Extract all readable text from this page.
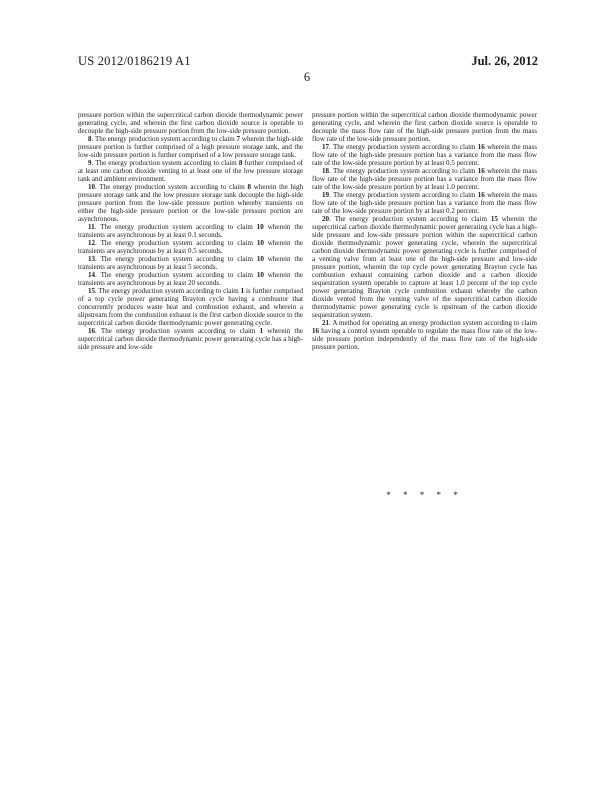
US 2012/0186219 A1	Jul. 26, 2012
6

pressure portion within the supercritical carbon dioxide thermodynamic power generating cycle, and wherein the first carbon dioxide source is operable to decouple the high-side pressure portion from the low-side pressure portion.

8. The energy production system according to claim 7 wherein the high-side pressure portion is further comprised of a high pressure storage tank, and the low-side pressure portion is further comprised of a low pressure storage tank.

9. The energy production system according to claim 8 further comprised of at least one carbon dioxide venting to at least one of the low pressure storage tank and ambient environment.

10. The energy production system according to claim 8 wherein the high pressure storage tank and the low pressure storage tank decouple the high-side pressure portion from the low-side pressure portion whereby transients on either the high-side pressure portion or the low-side pressure portion are asynchronous.

11. The energy production system according to claim 10 wherein the transients are asynchronous by at least 0.1 seconds.

12. The energy production system according to claim 10 wherein the transients are asynchronous by at least 0.5 seconds.

13. The energy production system according to claim 10 wherein the transients are asynchronous by at least 5 seconds.

14. The energy production system according to claim 10 wherein the transients are asynchronous by at least 20 seconds.

15. The energy production system according to claim 1 is further comprised of a top cycle power generating Brayton cycle having a combustor that concurrently produces waste heat and combustion exhaust, and wherein a slipstream from the combustion exhaust is the first carbon dioxide source to the supercritical carbon dioxide thermodynamic power generating cycle.

16. The energy production system according to claim 1 wherein the supercritical carbon dioxide thermodynamic power generating cycle has a high-side pressure and low-side

pressure portion within the supercritical carbon dioxide thermodynamic power generating cycle, and wherein the first carbon dioxide source is operable to decouple the mass flow rate of the high-side pressure portion from the mass flow rate of the low-side pressure portion.

17. The energy production system according to claim 16 wherein the mass flow rate of the high-side pressure portion has a variance from the mass flow rate of the low-side pressure portion by at least 0.5 percent.

18. The energy production system according to claim 16 wherein the mass flow rate of the high-side pressure portion has a variance from the mass flow rate of the low-side pressure portion by at least 1.0 percent.

19. The energy production system according to claim 16 wherein the mass flow rate of the high-side pressure portion has a variance from the mass flow rate of the low-side pressure portion by at least 0.2 percent.

20. The energy production system according to claim 15 wherein the supercritical carbon dioxide thermodynamic power generating cycle has a high-side pressure and low-side pressure portion within the supercritical carbon dioxide thermodynamic power generating cycle, wherein the supercritical carbon dioxide thermodynamic power generating cycle is further comprised of a venting valve from at least one of the high-side pressure and low-side pressure portion, wherein the top cycle power generating Brayton cycle has combustion exhaust containing carbon dioxide and a carbon dioxide sequestration system operable to capture at least 1.0 percent of the top cycle power generating Brayton cycle combustion exhaust whereby the carbon dioxide vented from the venting valve of the supercritical carbon dioxide thermodynamic power generating cycle is upstream of the carbon dioxide sequestration system.

21. A method for operating an energy production system according to claim 16 having a control system operable to regulate the mass flow rate of the low-side pressure portion independently of the mass flow rate of the high-side pressure portion.

* * * * *
